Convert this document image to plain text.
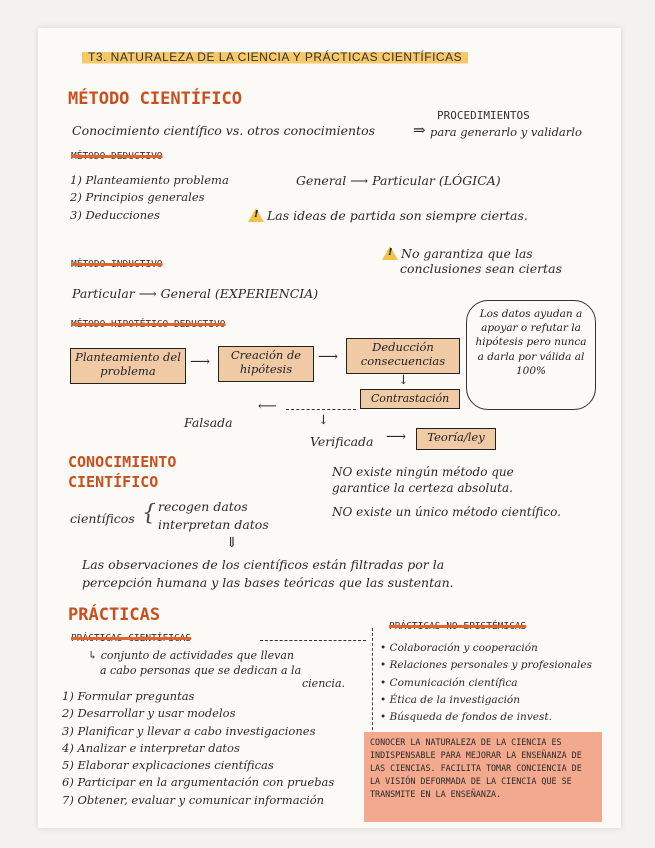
T3. NATURALEZA DE LA CIENCIA Y PRÁCTICAS CIENTÍFICAS
MÉTODO CIENTÍFICO
Conocimiento científico vs. otros conocimientos	⇒
PROCEDIMIENTOS
para generarlo y validarlo
MÉTODO DEDUCTIVO
1) Planteamiento problema
2) Principios generales
3) Deducciones
General ⟶ Particular (LÓGICA)
!Las ideas de partida son siempre ciertas.
MÉTODO INDUCTIVO
!No garantiza que las
conclusiones sean ciertas
Particular ⟶ General (EXPERIENCIA)
MÉTODO HIPOTÉTICO-DEDUCTIVO
Planteamiento del problema
⟶	Creación de hipótesis
⟶
Deducción consecuencias
↓
Contrastación
⟵
Falsada	↓
Verificada ⟶	Teoría/ley
Los datos ayudan a apoyar o refutar la hipótesis pero nunca a darla por válida al 100%
CONOCIMIENTO
CIENTÍFICO
científicos { recogen datos
interpretan datos
⇓
NO existe ningún método que
garantice la certeza absoluta.
NO existe un único método científico.
Las observaciones de los científicos están filtradas por la
percepción humana y las bases teóricas que las sustentan.
PRÁCTICAS
PRÁCTICAS CIENTÍFICAS
↳ conjunto de actividades que llevan
a cabo personas que se dedican a la
ciencia.
1) Formular preguntas
2) Desarrollar y usar modelos
3) Planificar y llevar a cabo investigaciones
4) Analizar e interpretar datos
5) Elaborar explicaciones científicas
6) Participar en la argumentación con pruebas
7) Obtener, evaluar y comunicar información
PRÁCTICAS NO EPISTÉMICAS
• Colaboración y cooperación
• Relaciones personales y profesionales
• Comunicación científica
• Ética de la investigación
• Búsqueda de fondos de invest.
CONOCER LA NATURALEZA DE LA CIENCIA ES INDISPENSABLE PARA MEJORAR LA ENSEÑANZA DE LAS CIENCIAS. FACILITA TOMAR CONCIENCIA DE LA VISIÓN DEFORMADA DE LA CIENCIA QUE SE TRANSMITE EN LA ENSEÑANZA.
